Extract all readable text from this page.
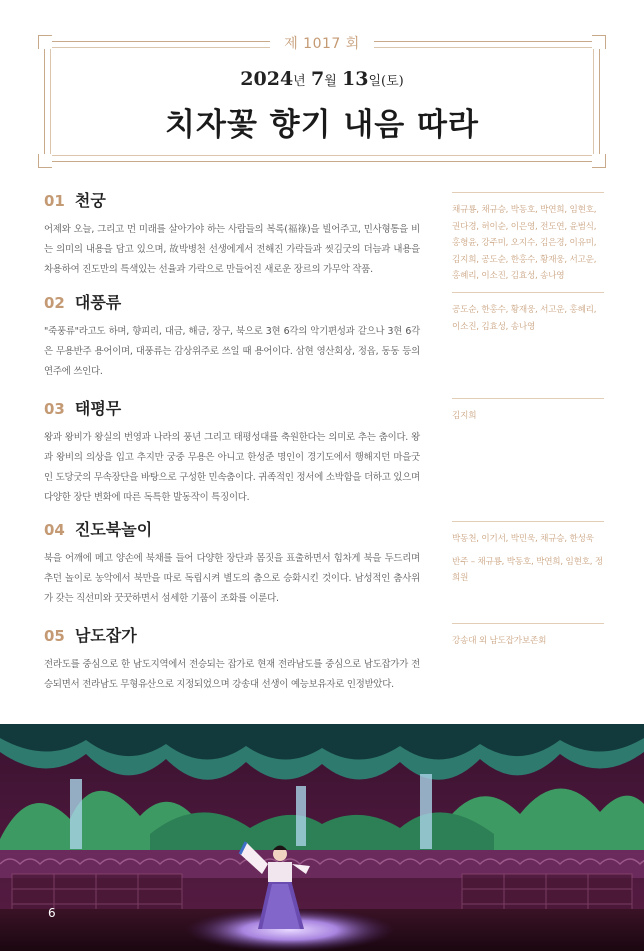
제 1017 회
2024년 7월 13일(토)
치자꽃 향기 내음 따라
01 천궁

어제와 오늘, 그리고 먼 미래를 살아가야 하는 사람들의 복록(福祿)을 빌어주고, 민사형통을 비는 의미의 내용을 담고 있으며, 故박병천 선생에게서 전해진 가락들과 씻김굿의 더늠과 내용을 차용하여 진도만의 특색있는 선율과 가락으로 만들어진 새로운 장르의 가무악 작품.

채규룡, 채규승, 박동호, 박연희, 임현호, 권다경, 허이순, 이은영, 전도연, 윤범식, 홍형윤, 강주미, 오지수, 김은경, 이유미, 김지희, 공도순, 한홍수, 황재웅, 서고운, 홍혜리, 이소진, 김효성, 송나영

02 대풍류

"죽풍류"라고도 하며, 향피리, 대금, 해금, 장구, 북으로 3현 6각의 악기편성과 같으나 3현 6각은 무용반주 용어이며, 대풍류는 감상위주로 쓰일 때 용어이다. 삼현 영산회상, 정읍, 동동 등의 연주에 쓰인다.

공도순, 한홍수, 황재웅, 서고운, 홍혜리, 이소진, 김효성, 송나영

03 태평무

왕과 왕비가 왕실의 번영과 나라의 풍년 그리고 태평성대를 축원한다는 의미로 추는 춤이다. 왕과 왕비의 의상을 입고 추지만 궁중 무용은 아니고 한성준 명인이 경기도에서 행해지던 마을굿인 도당굿의 무속장단을 바탕으로 구성한 민속춤이다. 귀족적인 정서에 소박함을 더하고 있으며 다양한 장단 변화에 따른 독특한 발동작이 특징이다.

김지희

04 진도북놀이

북을 어깨에 메고 양손에 북채를 들어 다양한 장단과 몸짓을 표출하면서 힘차게 북을 두드리며 추던 놀이로 농악에서 북만을 따로 독립시켜 별도의 춤으로 승화시킨 것이다. 남성적인 춤사위가 갖는 직선미와 꿋꿋하면서 섬세한 기품이 조화를 이룬다.

박동천, 이기서, 박민욱, 채규승, 한성욱

반주 – 채규룡, 박동호, 박연희, 임현호, 정희원

05 남도잡가

전라도를 중심으로 한 남도지역에서 전승되는 잡가로 현재 전라남도를 중심으로 남도잡가가 전승되면서 전라남도 무형유산으로 지정되었으며 강송대 선생이 예능보유자로 인정받았다.

강송대 외 남도잡가보존회

6
